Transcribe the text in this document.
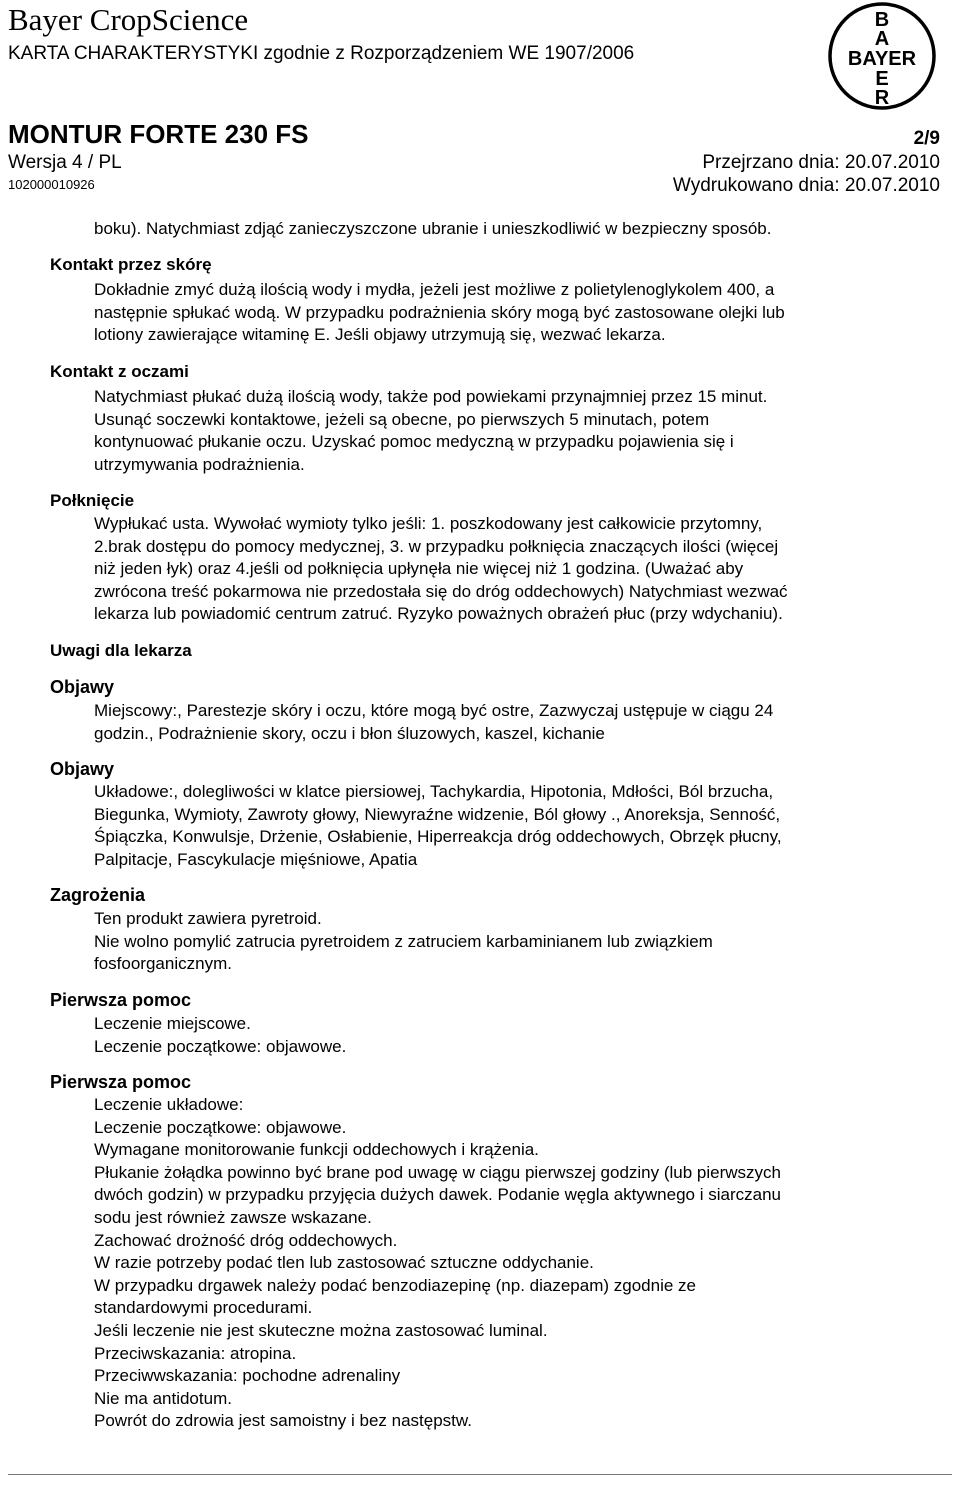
Bayer CropScience
KARTA CHARAKTERYSTYKI zgodnie z Rozporządzeniem WE 1907/2006
MONTUR FORTE 230 FS	2/9
Wersja 4 / PL	Przejrzano dnia: 20.07.2010
102000010926	Wydrukowano dnia: 20.07.2010
B
A
BAYER
E
R
boku). Natychmiast zdjąć zanieczyszczone ubranie i unieszkodliwić w bezpieczny sposób.
Kontakt przez skórę
Dokładnie zmyć dużą ilością wody i mydła, jeżeli jest możliwe z polietylenoglykolem 400, a
następnie spłukać wodą. W przypadku podrażnienia skóry mogą być zastosowane olejki lub
lotiony zawierające witaminę E. Jeśli objawy utrzymują się, wezwać lekarza.
Kontakt z oczami
Natychmiast płukać dużą ilością wody, także pod powiekami przynajmniej przez 15 minut.
Usunąć soczewki kontaktowe, jeżeli są obecne, po pierwszych 5 minutach, potem
kontynuować płukanie oczu. Uzyskać pomoc medyczną w przypadku pojawienia się i
utrzymywania podrażnienia.
Połknięcie
Wypłukać usta. Wywołać wymioty tylko jeśli: 1. poszkodowany jest całkowicie przytomny,
2.brak dostępu do pomocy medycznej, 3. w przypadku połknięcia znaczących ilości (więcej
niż jeden łyk) oraz 4.jeśli od połknięcia upłynęła nie więcej niż 1 godzina. (Uważać aby
zwrócona treść pokarmowa nie przedostała się do dróg oddechowych) Natychmiast wezwać
lekarza lub powiadomić centrum zatruć. Ryzyko poważnych obrażeń płuc (przy wdychaniu).
Uwagi dla lekarza
Objawy
Miejscowy:, Parestezje skóry i oczu, które mogą być ostre, Zazwyczaj ustępuje w ciągu 24
godzin., Podrażnienie skory, oczu i błon śluzowych, kaszel, kichanie
Objawy
Układowe:, dolegliwości w klatce piersiowej, Tachykardia, Hipotonia, Mdłości, Ból brzucha,
Biegunka, Wymioty, Zawroty głowy, Niewyraźne widzenie, Ból głowy ., Anoreksja, Senność,
Śpiączka, Konwulsje, Drżenie, Osłabienie, Hiperreakcja dróg oddechowych, Obrzęk płucny,
Palpitacje, Fascykulacje mięśniowe, Apatia
Zagrożenia
Ten produkt zawiera pyretroid.
Nie wolno pomylić zatrucia pyretroidem z zatruciem karbaminianem lub związkiem
fosfoorganicznym.
Pierwsza pomoc
Leczenie miejscowe.
Leczenie początkowe: objawowe.
Pierwsza pomoc
Leczenie układowe:
Leczenie początkowe: objawowe.
Wymagane monitorowanie funkcji oddechowych i krążenia.
Płukanie żołądka powinno być brane pod uwagę w ciągu pierwszej godziny (lub pierwszych
dwóch godzin) w przypadku przyjęcia dużych dawek. Podanie węgla aktywnego i siarczanu
sodu jest również zawsze wskazane.
Zachować drożność dróg oddechowych.
W razie potrzeby podać tlen lub zastosować sztuczne oddychanie.
W przypadku drgawek należy podać benzodiazepinę (np. diazepam) zgodnie ze
standardowymi procedurami.
Jeśli leczenie nie jest skuteczne można zastosować luminal.
Przeciwskazania: atropina.
Przeciwwskazania: pochodne adrenaliny
Nie ma antidotum.
Powrót do zdrowia jest samoistny i bez następstw.
